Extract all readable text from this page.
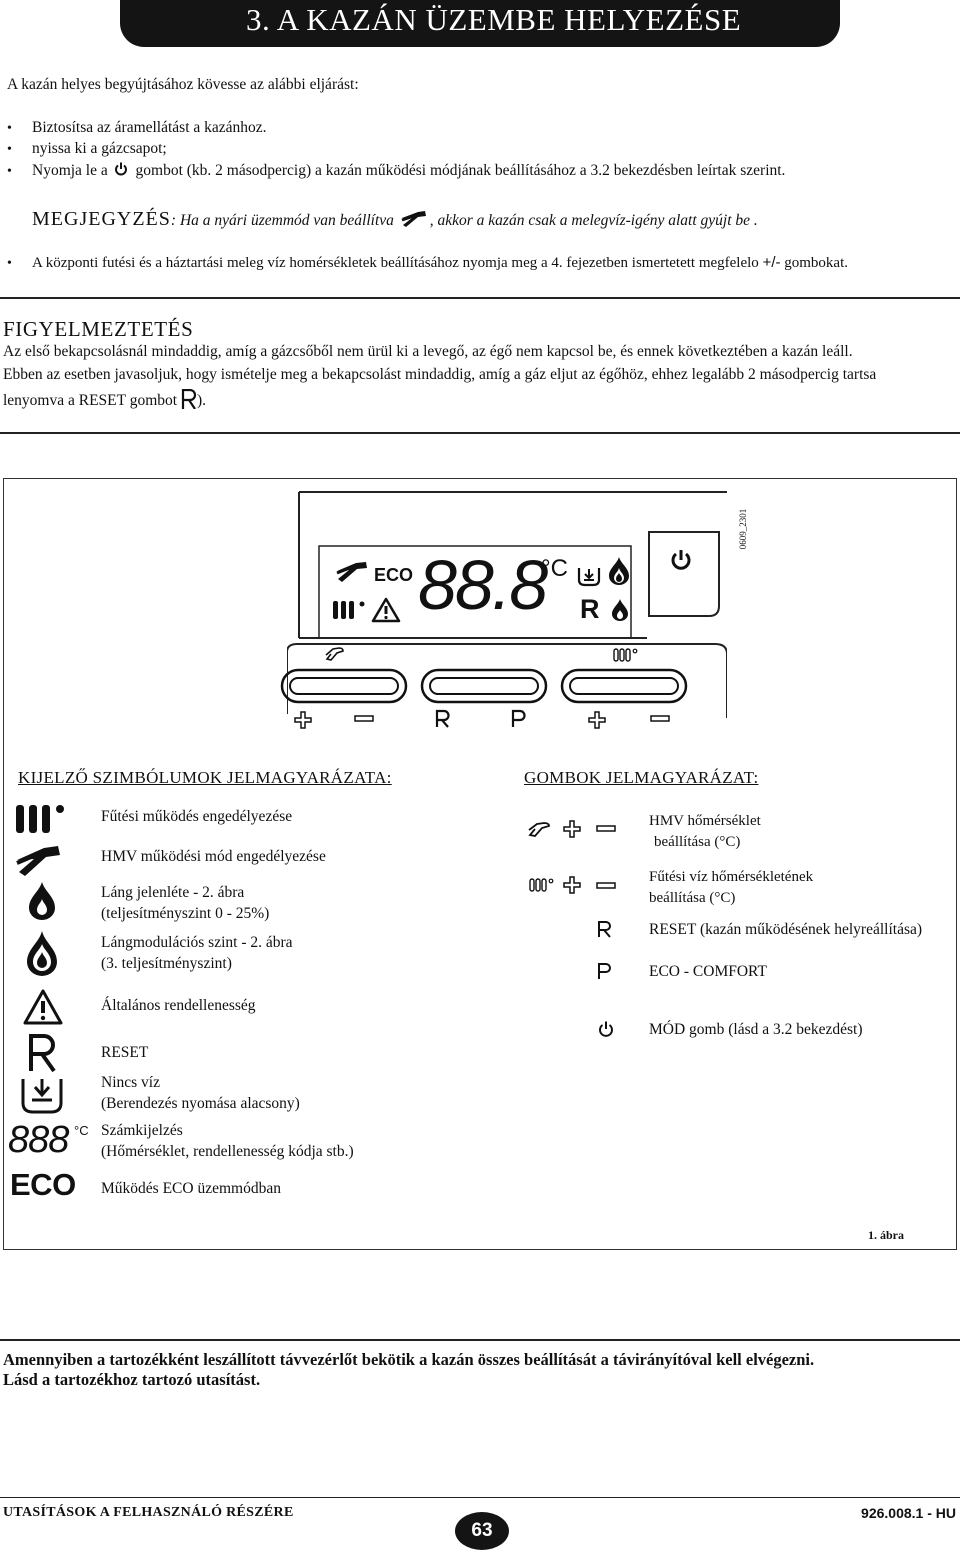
3. A KAZÁN ÜZEMBE HELYEZÉSE
A kazán helyes begyújtásához kövesse az alábbi eljárást:
• Biztosítsa az áramellátást a kazánhoz.
• nyissa ki a gázcsapot;
• Nyomja le a gombot (kb. 2 másodpercig) a kazán működési módjának beállításához a 3.2 bekezdésben leírtak szerint.
MEGJEGYZÉS: Ha a nyári üzemmód van beállítva , akkor a kazán csak a melegvíz-igény alatt gyújt be .
• A központi futési és a háztartási meleg víz homérsékletek beállításához nyomja meg a 4. fejezetben ismertetett megfelelo +/- gombokat.
FIGYELMEZTETÉS
Az első bekapcsolásnál mindaddig, amíg a gázcsőből nem ürül ki a levegő, az égő nem kapcsol be, és ennek következtében a kazán leáll.
Ebben az esetben javasoljuk, hogy ismételje meg a bekapcsolást mindaddig, amíg a gáz eljut az égőhöz, ehhez legalább 2 másodpercig tartsa
lenyomva a RESET gombot ).
0609_2301
ECO 88.8
°C
R
KIJELZŐ SZIMBÓLUMOK JELMAGYARÁZATA:
Fűtési működés engedélyezése
HMV működési mód engedélyezése
Láng jelenléte - 2. ábra
(teljesítményszint 0 - 25%)
Lángmodulációs szint - 2. ábra
(3. teljesítményszint)
Általános rendellenesség
RESET
Nincs víz
(Berendezés nyomása alacsony)
888 °C Számkijelzés
(Hőmérséklet, rendellenesség kódja stb.)
ECO Működés ECO üzemmódban
GOMBOK JELMAGYARÁZAT:
HMV hőmérséklet
beállítása (°C)
Fűtési víz hőmérsékletének
beállítása (°C)
RESET (kazán működésének helyreállítása)
ECO - COMFORT
MÓD gomb (lásd a 3.2 bekezdést)
1. ábra
Amennyiben a tartozékként leszállított távvezérlőt bekötik a kazán összes beállítását a távirányítóval kell elvégezni.
Lásd a tartozékhoz tartozó utasítást.
UTASÍTÁSOK A FELHASZNÁLÓ RÉSZÉRE
63
926.008.1 - HU
